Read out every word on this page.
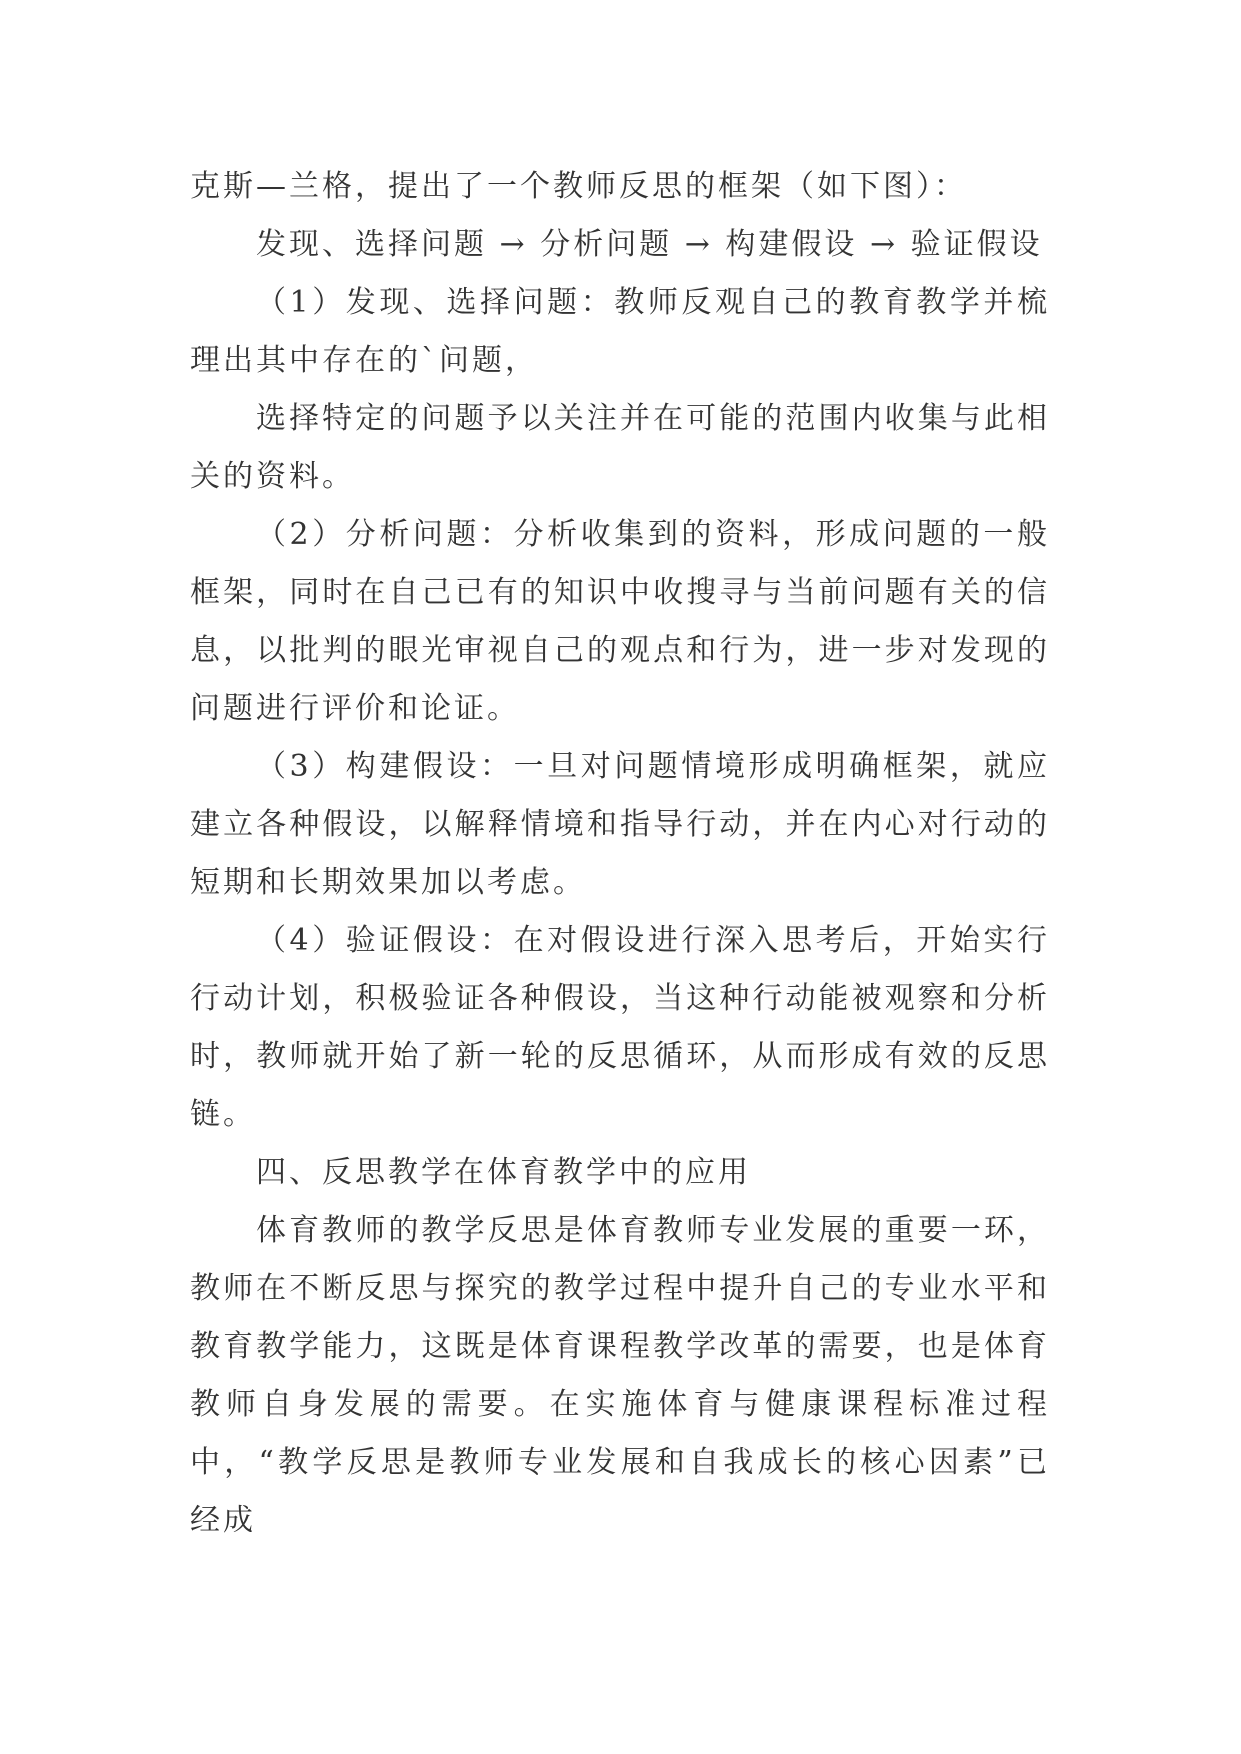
克斯—兰格，提出了一个教师反思的框架（如下图）：

发现、选择问题 → 分析问题 → 构建假设 → 验证假设

（1）发现、选择问题：教师反观自己的教育教学并梳理出其中存在的`问题，

选择特定的问题予以关注并在可能的范围内收集与此相关的资料。

（2）分析问题：分析收集到的资料，形成问题的一般框架，同时在自己已有的知识中收搜寻与当前问题有关的信息，以批判的眼光审视自己的观点和行为，进一步对发现的问题进行评价和论证。

（3）构建假设：一旦对问题情境形成明确框架，就应建立各种假设，以解释情境和指导行动，并在内心对行动的短期和长期效果加以考虑。

（4）验证假设：在对假设进行深入思考后，开始实行行动计划，积极验证各种假设，当这种行动能被观察和分析时，教师就开始了新一轮的反思循环，从而形成有效的反思链。

四、反思教学在体育教学中的应用

体育教师的教学反思是体育教师专业发展的重要一环，教师在不断反思与探究的教学过程中提升自己的专业水平和教育教学能力，这既是体育课程教学改革的需要，也是体育教师自身发展的需要。在实施体育与健康课程标准过程中，“教学反思是教师专业发展和自我成长的核心因素”已经成
